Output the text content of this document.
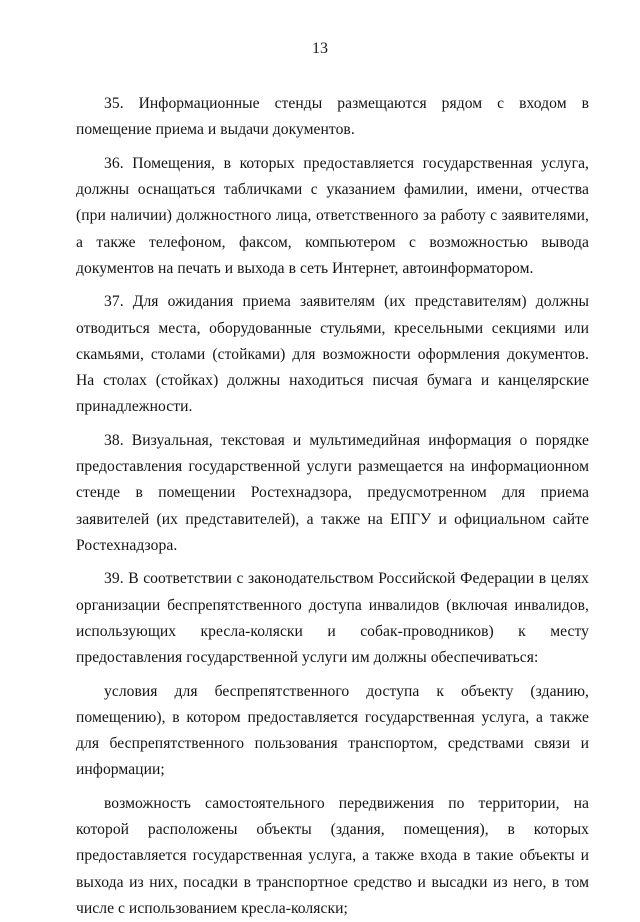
13

35. Информационные стенды размещаются рядом с входом в помещение приема и выдачи документов.

36. Помещения, в которых предоставляется государственная услуга, должны оснащаться табличками с указанием фамилии, имени, отчества (при наличии) должностного лица, ответственного за работу с заявителями, а также телефоном, факсом, компьютером с возможностью вывода документов на печать и выхода в сеть Интернет, автоинформатором.

37. Для ожидания приема заявителям (их представителям) должны отводиться места, оборудованные стульями, кресельными секциями или скамьями, столами (стойками) для возможности оформления документов. На столах (стойках) должны находиться писчая бумага и канцелярские принадлежности.

38. Визуальная, текстовая и мультимедийная информация о порядке предоставления государственной услуги размещается на информационном стенде в помещении Ростехнадзора, предусмотренном для приема заявителей (их представителей), а также на ЕПГУ и официальном сайте Ростехнадзора.

39. В соответствии с законодательством Российской Федерации в целях организации беспрепятственного доступа инвалидов (включая инвалидов, использующих кресла-коляски и собак-проводников) к месту предоставления государственной услуги им должны обеспечиваться:

условия для беспрепятственного доступа к объекту (зданию, помещению), в котором предоставляется государственная услуга, а также для беспрепятственного пользования транспортом, средствами связи и информации;

возможность самостоятельного передвижения по территории, на которой расположены объекты (здания, помещения), в которых предоставляется государственная услуга, а также входа в такие объекты и выхода из них, посадки в транспортное средство и высадки из него, в том числе с использованием кресла-коляски;
